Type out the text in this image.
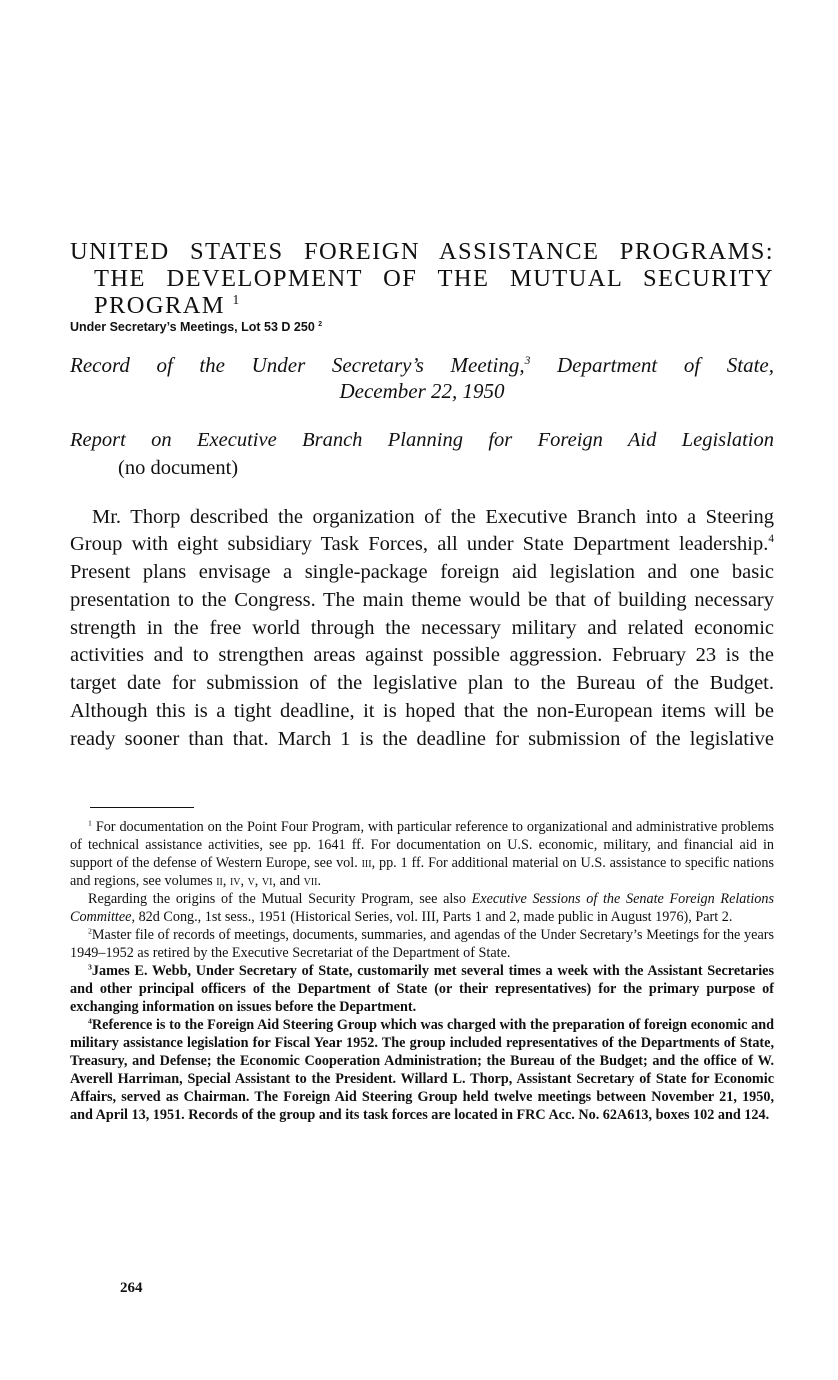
UNITED STATES FOREIGN ASSISTANCE PROGRAMS:
THE DEVELOPMENT OF THE MUTUAL SECURITY
PROGRAM $^1$
Under Secretary’s Meetings, Lot 53 D 250 $^2$
Record of the Under Secretary’s Meeting,$^3$ Department of State,
December 22, 1950
Report on Executive Branch Planning for Foreign Aid Legislation
(no document)

Mr. Thorp described the organization of the Executive Branch into a Steering Group with eight subsidiary Task Forces, all under State Department leadership.$^4$ Present plans envisage a single-package foreign aid legislation and one basic presentation to the Congress. The main theme would be that of building necessary strength in the free world through the necessary military and related economic activities and to strengthen areas against possible aggression. February 23 is the target date for submission of the legislative plan to the Bureau of the Budget. Although this is a tight deadline, it is hoped that the non-European items will be ready sooner than that. March 1 is the deadline for submission of the legislative

$^1$ For documentation on the Point Four Program, with particular reference to organizational and administrative problems of technical assistance activities, see pp. 1641 ff. For documentation on U.S. economic, military, and financial aid in support of the defense of Western Europe, see vol. iii, pp. 1 ff. For additional material on U.S. assistance to specific nations and regions, see volumes ii, iv, v, vi, and vii.

Regarding the origins of the Mutual Security Program, see also Executive Sessions of the Senate Foreign Relations Committee, 82d Cong., 1st sess., 1951 (Historical Series, vol. III, Parts 1 and 2, made public in August 1976), Part 2.

$^2$Master file of records of meetings, documents, summaries, and agendas of the Under Secretary’s Meetings for the years 1949–1952 as retired by the Executive Secretariat of the Department of State.

$^3$James E. Webb, Under Secretary of State, customarily met several times a week with the Assistant Secretaries and other principal officers of the Department of State (or their representatives) for the primary purpose of exchanging information on issues before the Department.

$^4$Reference is to the Foreign Aid Steering Group which was charged with the preparation of foreign economic and military assistance legislation for Fiscal Year 1952. The group included representatives of the Departments of State, Treasury, and Defense; the Economic Cooperation Administration; the Bureau of the Budget; and the office of W. Averell Harriman, Special Assistant to the President. Willard L. Thorp, Assistant Secretary of State for Economic Affairs, served as Chairman. The Foreign Aid Steering Group held twelve meetings between November 21, 1950, and April 13, 1951. Records of the group and its task forces are located in FRC Acc. No. 62A613, boxes 102 and 124.

264
